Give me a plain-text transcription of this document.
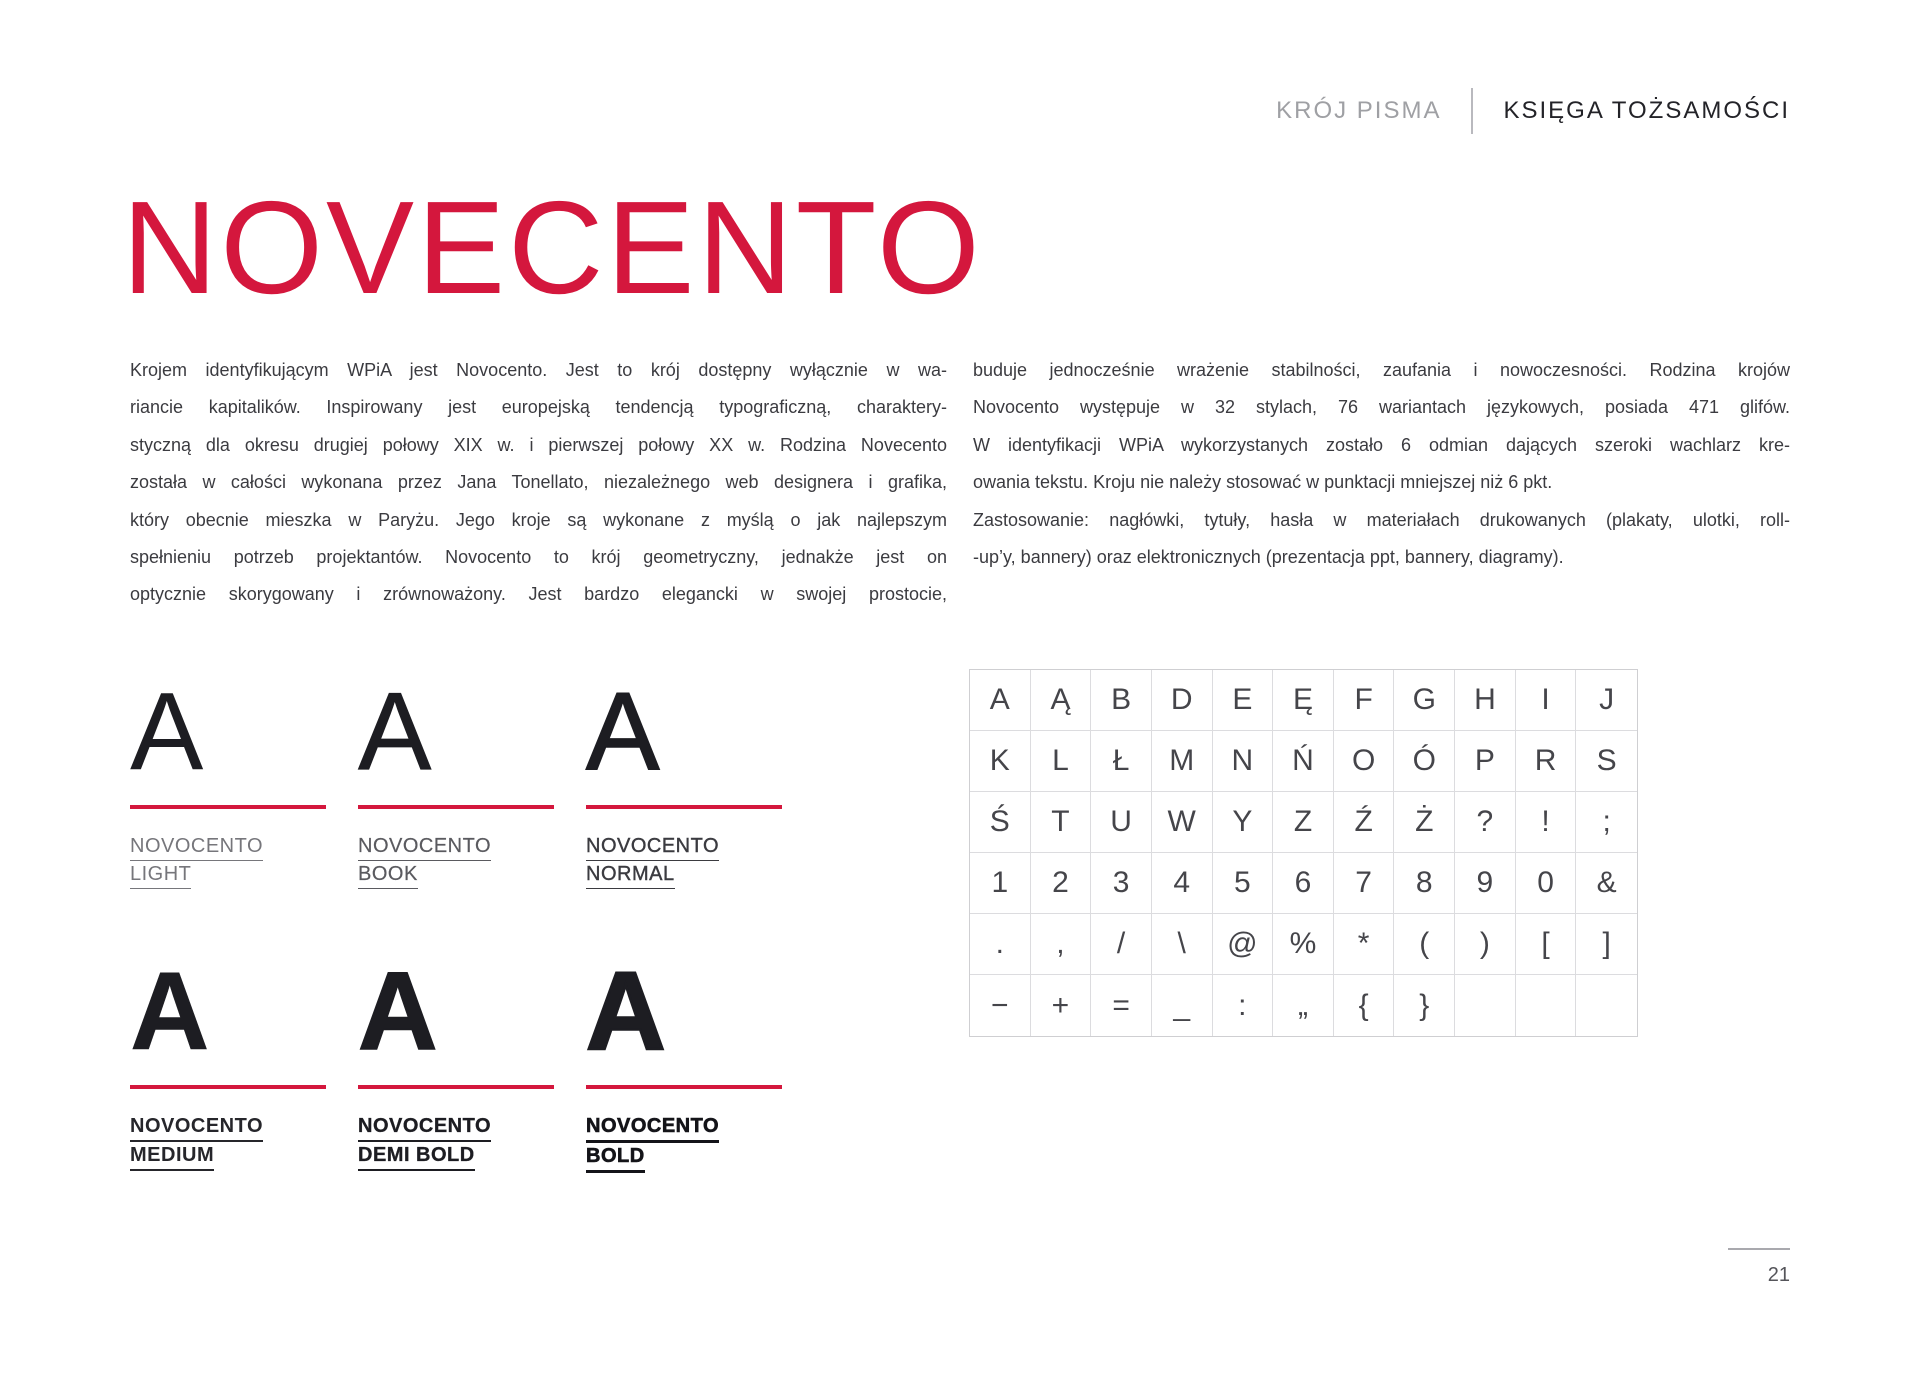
KRÓJ PISMA	KSIĘGA TOŻSAMOŚCI
NOVECENTO
Krojem identyfikującym WPiA jest Novocento. Jest to krój dostępny wyłącznie w wa-
riancie kapitalików. Inspirowany jest europejską tendencją typograficzną, charaktery-
styczną dla okresu drugiej połowy XIX w. i pierwszej połowy XX w. Rodzina Novecento
została w całości wykonana przez Jana Tonellato, niezależnego web designera i grafika,
który obecnie mieszka w Paryżu. Jego kroje są wykonane z myślą o jak najlepszym
spełnieniu potrzeb projektantów. Novocento to krój geometryczny, jednakże jest on
optycznie skorygowany i zrównoważony. Jest bardzo elegancki w swojej prostocie,
buduje jednocześnie wrażenie stabilności, zaufania i nowoczesności. Rodzina krojów
Novocento występuje w 32 stylach, 76 wariantach językowych, posiada 471 glifów.
W identyfikacji WPiA wykorzystanych zostało 6 odmian dających szeroki wachlarz kre-
owania tekstu. Kroju nie należy stosować w punktacji mniejszej niż 6 pkt.
Zastosowanie: nagłówki, tytuły, hasła w materiałach drukowanych (plakaty, ulotki, roll-
-up’y, bannery) oraz elektronicznych (prezentacja ppt, bannery, diagramy).
A
NOVOCENTO
LIGHT
A
NOVOCENTO
BOOK
A
NOVOCENTO
NORMAL
A
NOVOCENTO
MEDIUM
A
NOVOCENTO
DEMI BOLD
A
NOVOCENTO
BOLD
A	Ą	B	D	E	Ę	F	G	H	I	J
K	L	Ł	M	N	Ń	O	Ó	P	R	S
Ś	T	U	W	Y	Z	Ź	Ż	?	!	;
1	2	3	4	5	6	7	8	9	0	&
.	,	/	\	@	%	*	(	)	[	]
−	+	=	_	:	„	{	}
21
